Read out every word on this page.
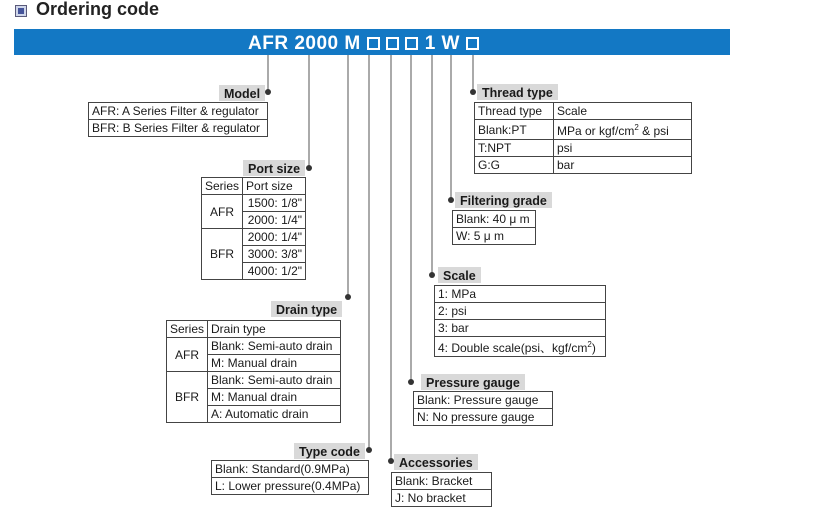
Ordering code
AFR 2000 M	1 W
Model
AFR: A Series Filter & regulator
BFR: B Series Filter & regulator
Port size
Series	Port size
AFR	1500: 1/8"
	2000: 1/4"
BFR	2000: 1/4"
	3000: 3/8"
	4000: 1/2"
Drain type
Series	Drain type
AFR	Blank: Semi-auto drain
	M: Manual drain
BFR	Blank: Semi-auto drain
	M: Manual drain
	A: Automatic drain
Type code
Blank: Standard(0.9MPa)
L: Lower pressure(0.4MPa)
Accessories
Blank: Bracket
J: No bracket
Pressure gauge
Blank: Pressure gauge
N: No pressure gauge
Scale
1: MPa
2: psi
3: bar
4: Double scale(psi、kgf/$cm^2$)
Filtering grade
Blank: 40 μ m
W: 5 μ m
Thread type
Thread type	Scale
Blank:PT	MPa or kgf/$cm^2$ & psi
T:NPT	psi
G:G	bar
